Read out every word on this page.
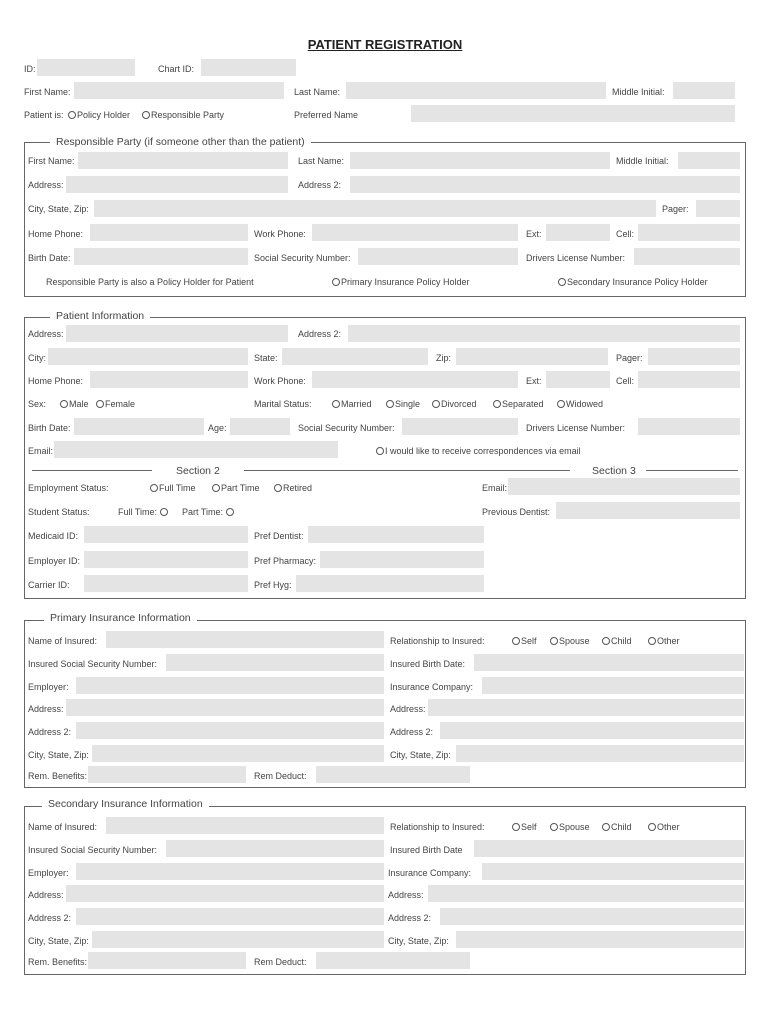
PATIENT REGISTRATION
ID:	Chart ID:
First Name:	Last Name:	Middle Initial:
Patient is:	Policy Holder	Responsible Party	Preferred Name
Responsible Party (if someone other than the patient)
First Name:	Last Name:	Middle Initial:
Address:	Address 2:
City, State, Zip:	Pager:
Home Phone:	Work Phone:	Ext:	Cell:
Birth Date:	Social Security Number:	Drivers License Number:
Responsible Party is also a Policy Holder for Patient	Primary Insurance Policy Holder	Secondary Insurance Policy Holder
Patient Information
Address:	Address 2:
City:	State:	Zip:	Pager:
Home Phone:	Work Phone:	Ext:	Cell:
Sex:	Male	Female	Marital Status:	Married	Single	Divorced	Separated	Widowed
Birth Date:	Age:	Social Security Number:	Drivers License Number:
Email:	I would like to receive correspondences via email
Section 2	Section 3
Employment Status:	Full Time	Part Time	Retired	Email:
Student Status:	Full Time:	Part Time:	Previous Dentist:
Medicaid ID:	Pref Dentist:
Employer ID:	Pref Pharmacy:
Carrier ID:	Pref Hyg:
Primary Insurance Information
Name of Insured:	Relationship to Insured:	Self	Spouse	Child	Other
Insured Social Security Number:	Insured Birth Date:
Employer:	Insurance Company:
Address:	Address:
Address 2:	Address 2:
City, State, Zip:	City, State, Zip:
Rem. Benefits:	Rem Deduct:
Secondary Insurance Information
Name of Insured:	Relationship to Insured:	Self	Spouse	Child	Other
Insured Social Security Number:	Insured Birth Date
Employer:	Insurance Company:
Address:	Address:
Address 2:	Address 2:
City, State, Zip:	City, State, Zip:
Rem. Benefits:	Rem Deduct:
